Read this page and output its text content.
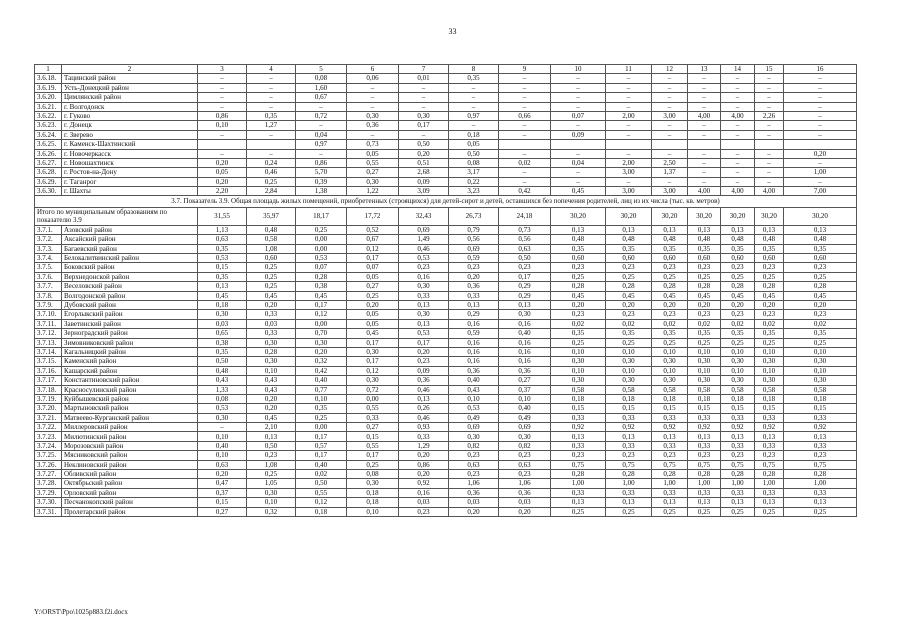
33
1	2	3	4	5	6	7	8	9	10	11	12	13	14	15	16
3.6.18.	Тацинский район	–	–	0,08	0,06	0,01	0,35	–	–	–	–	–	–	–	–
3.6.19.	Усть-Донецкий район	–	–	1,60	–	–	–	–	–	–	–	–	–	–	–
3.6.20.	Цимлянский район	–	–	0,67	–	–	–	–	–	–	–	–	–	–	–
3.6.21.	г. Волгодонск	–	–	–	–	–	–	–	–	–	–	–	–	–	–
3.6.22.	г. Гуково	0,86	0,35	0,72	0,30	0,30	0,97	0,66	0,07	2,00	3,00	4,00	4,00	2,26	–
3.6.23.	г. Донецк	0,10	1,27	–	0,36	0,17	–	–	–	–	–	–	–	–	–
3.6.24.	г. Зверево	–	–	0,04	–	–	0,18	–	0,09	–	–	–	–	–	–
3.6.25.	г. Каменск-Шахтинский			0,97	0,73	0,50	0,05								
3.6.26.	г. Новочеркасск	–	–	–	0,05	0,20	0,50	–	–	–	–	–	–	–	0,20
3.6.27.	г. Новошахтинск	0,20	0,24	0,86	0,55	0,51	0,08	0,02	0,04	2,00	2,50	–	–	–	–
3.6.28.	г. Ростов-на-Дону	0,05	0,46	5,70	0,27	2,68	3,17	–	–	3,00	1,37	–	–	–	1,00
3.6.29.	г. Таганрог	0,20	0,25	0,39	0,30	0,09	0,22	–	–	–	–	–	–	–	–
3.6.30.	г. Шахты	2,20	2,84	1,38	1,22	3,09	3,23	0,42	0,45	3,00	3,00	4,00	4,00	4,00	7,00
3.7. Показатель 3.9. Общая площадь жилых помещений, приобретенных (строящихся) для детей-сирот и детей, оставшихся без попечения родителей, лиц из их числа (тыс. кв. метров)															
Итого по муниципальным образованиям по показателю 3.9		31,55	35,97	18,17	17,72	32,43	26,73	24,18	30,20	30,20	30,20	30,20	30,20	30,20	30,20
3.7.1.	Азовский район	1,13	0,48	0,25	0,52	0,69	0,79	0,73	0,13	0,13	0,13	0,13	0,13	0,13	0,13
3.7.2.	Аксайский район	0,63	0,58	0,00	0,67	1,49	0,56	0,56	0,48	0,48	0,48	0,48	0,48	0,48	0,48
3.7.3.	Багаевский район	0,35	1,08	0,00	0,12	0,46	0,69	0,63	0,35	0,35	0,35	0,35	0,35	0,35	0,35
3.7.4.	Белокалитвинский район	0,53	0,60	0,53	0,17	0,53	0,59	0,50	0,60	0,60	0,60	0,60	0,60	0,60	0,60
3.7.5.	Боковский район	0,15	0,25	0,07	0,07	0,23	0,23	0,23	0,23	0,23	0,23	0,23	0,23	0,23	0,23
3.7.6.	Верхнедонской район	0,35	0,25	0,28	0,05	0,16	0,20	0,17	0,25	0,25	0,25	0,25	0,25	0,25	0,25
3.7.7.	Веселовский район	0,13	0,25	0,38	0,27	0,30	0,36	0,29	0,28	0,28	0,28	0,28	0,28	0,28	0,28
3.7.8.	Волгодонской район	0,45	0,45	0,45	0,25	0,33	0,33	0,29	0,45	0,45	0,45	0,45	0,45	0,45	0,45
3.7.9.	Дубовский район	0,18	0,20	0,17	0,20	0,13	0,13	0,13	0,20	0,20	0,20	0,20	0,20	0,20	0,20
3.7.10.	Егорлыкский район	0,30	0,33	0,12	0,05	0,30	0,29	0,30	0,23	0,23	0,23	0,23	0,23	0,23	0,23
3.7.11.	Заветинский район	0,03	0,03	0,00	0,05	0,13	0,16	0,16	0,02	0,02	0,02	0,02	0,02	0,02	0,02
3.7.12.	Зерноградский район	0,65	0,33	0,70	0,45	0,53	0,59	0,40	0,35	0,35	0,35	0,35	0,35	0,35	0,35
3.7.13.	Зимовниковский район	0,38	0,30	0,30	0,17	0,17	0,16	0,16	0,25	0,25	0,25	0,25	0,25	0,25	0,25
3.7.14.	Кагальницкий район	0,35	0,28	0,20	0,30	0,20	0,16	0,16	0,10	0,10	0,10	0,10	0,10	0,10	0,10
3.7.15.	Каменский район	0,50	0,30	0,32	0,17	0,23	0,16	0,16	0,30	0,30	0,30	0,30	0,30	0,30	0,30
3.7.16.	Кашарский район	0,48	0,10	0,42	0,12	0,09	0,36	0,36	0,10	0,10	0,10	0,10	0,10	0,10	0,10
3.7.17.	Константиновский район	0,43	0,43	0,40	0,30	0,36	0,40	0,27	0,30	0,30	0,30	0,30	0,30	0,30	0,30
3.7.18.	Красносулинский район	1,33	0,43	0,77	0,72	0,46	0,43	0,37	0,58	0,58	0,58	0,58	0,58	0,58	0,58
3.7.19.	Куйбышевский район	0,08	0,20	0,10	0,00	0,13	0,10	0,10	0,18	0,18	0,18	0,18	0,18	0,18	0,18
3.7.20.	Мартыновский район	0,53	0,20	0,35	0,55	0,26	0,53	0,40	0,15	0,15	0,15	0,15	0,15	0,15	0,15
3.7.21.	Матвеево-Курганский район	0,30	0,45	0,25	0,33	0,46	0,49	0,49	0,33	0,33	0,33	0,33	0,33	0,33	0,33
3.7.22.	Миллеровский район	–	2,10	0,00	0,27	0,93	0,69	0,69	0,92	0,92	0,92	0,92	0,92	0,92	0,92
3.7.23.	Милютинский район	0,10	0,13	0,17	0,15	0,33	0,30	0,30	0,13	0,13	0,13	0,13	0,13	0,13	0,13
3.7.24.	Морозовский район	0,40	0,50	0,57	0,55	1,29	0,82	0,82	0,33	0,33	0,33	0,33	0,33	0,33	0,33
3.7.25.	Мясниковский район	0,10	0,23	0,17	0,17	0,20	0,23	0,23	0,23	0,23	0,23	0,23	0,23	0,23	0,23
3.7.26.	Неклиновский район	0,63	1,08	0,40	0,25	0,86	0,63	0,63	0,75	0,75	0,75	0,75	0,75	0,75	0,75
3.7.27.	Обливский район	0,20	0,25	0,02	0,08	0,20	0,23	0,23	0,28	0,28	0,28	0,28	0,28	0,28	0,28
3.7.28.	Октябрьский район	0,47	1,05	0,50	0,30	0,92	1,06	1,06	1,00	1,00	1,00	1,00	1,00	1,00	1,00
3.7.29.	Орловский район	0,37	0,30	0,55	0,18	0,16	0,36	0,36	0,33	0,33	0,33	0,33	0,33	0,33	0,33
3.7.30.	Песчанокопский район	0,15	0,10	0,12	0,18	0,03	0,03	0,03	0,13	0,13	0,13	0,13	0,13	0,13	0,13
3.7.31.	Пролетарский район	0,27	0,32	0,18	0,10	0,23	0,20	0,20	0,25	0,25	0,25	0,25	0,25	0,25	0,25
Y:\ORST\Ppo\1025p883.f2i.docx
